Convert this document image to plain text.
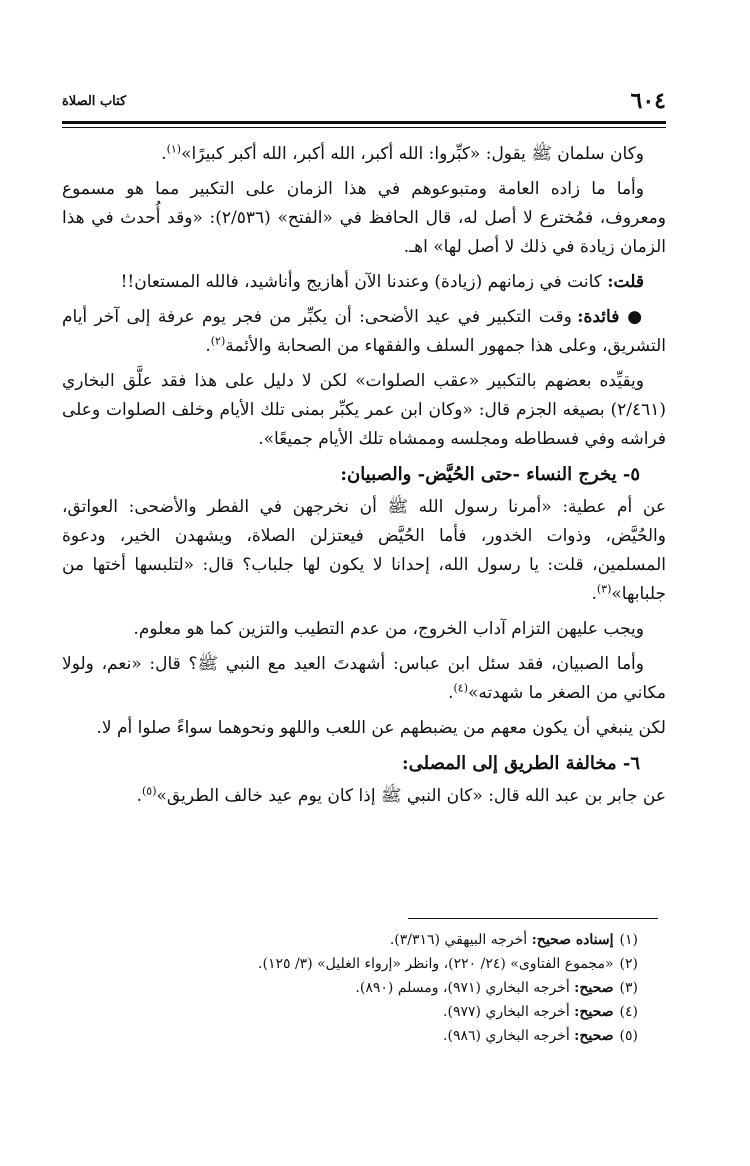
٦٠٤
كتاب الصلاة

وكان سلمان ﷺ يقول: «كبِّروا: الله أكبر، الله أكبر، الله أكبر كبيرًا»$^{(١)}$.

وأما ما زاده العامة ومتبوعوهم في هذا الزمان على التكبير مما هو مسموع ومعروف، فمُخترع لا أصل له، قال الحافظ في «الفتح» (٢/٥٣٦): «وقد أُحدث في هذا الزمان زيادة في ذلك لا أصل لها» اهـ.

قلت: كانت في زمانهم (زيادة) وعندنا الآن أهازيج وأناشيد، فالله المستعان!!

● فائدة: وقت التكبير في عيد الأضحى: أن يكبِّر من فجر يوم عرفة إلى آخر أيام التشريق، وعلى هذا جمهور السلف والفقهاء من الصحابة والأئمة$^{(٢)}$.

ويقيِّده بعضهم بالتكبير «عقب الصلوات» لكن لا دليل على هذا فقد علَّق البخاري (٢/٤٦١) بصيغه الجزم قال: «وكان ابن عمر يكبِّر بمنى تلك الأيام وخلف الصلوات وعلى فراشه وفي فسطاطه ومجلسه وممشاه تلك الأيام جميعًا».

٥- يخرج النساء -حتى الحُيَّض- والصبيان:

عن أم عطية: «أمرنا رسول الله ﷺ أن نخرجهن في الفطر والأضحى: العواتق، والحُيَّض، وذوات الخدور، فأما الحُيَّض فيعتزلن الصلاة، ويشهدن الخير، ودعوة المسلمين، قلت: يا رسول الله، إحدانا لا يكون لها جلباب؟ قال: «لتلبسها أختها من جلبابها»$^{(٣)}$.

ويجب عليهن التزام آداب الخروج، من عدم التطيب والتزين كما هو معلوم.

وأما الصبيان، فقد سئل ابن عباس: أشهدتَ العيد مع النبي ﷺ؟ قال: «نعم، ولولا مكاني من الصغر ما شهدته»$^{(٤)}$.

لكن ينبغي أن يكون معهم من يضبطهم عن اللعب واللهو ونحوهما سواءً صلوا أم لا.

٦- مخالفة الطريق إلى المصلى:

عن جابر بن عبد الله قال: «كان النبي ﷺ إذا كان يوم عيد خالف الطريق»$^{(٥)}$.

(١)إسناده صحيح: أخرجه البيهقي (٣/٣١٦).
(٢)«مجموع الفتاوى» (٢٤/ ٢٢٠)، وانظر «إرواء الغليل» (٣/ ١٢٥).
(٣)صحيح: أخرجه البخاري (٩٧١)، ومسلم (٨٩٠).
(٤)صحيح: أخرجه البخاري (٩٧٧).
(٥)صحيح: أخرجه البخاري (٩٨٦).
